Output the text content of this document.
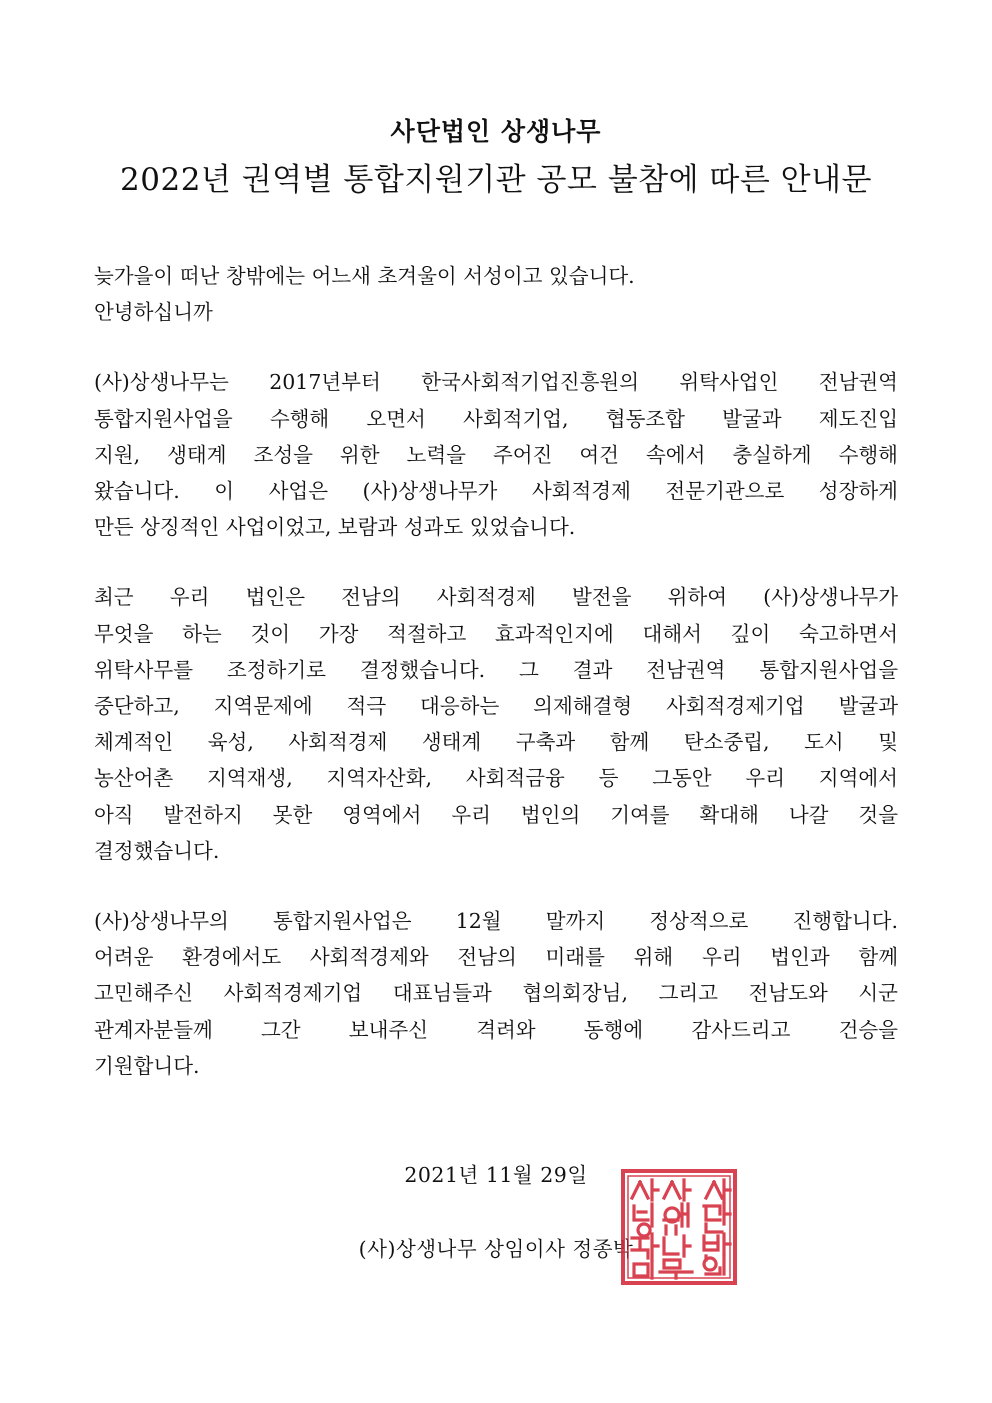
사단법인 상생나무
2022년 권역별 통합지원기관 공모 불참에 따른 안내문
늦가을이 떠난 창밖에는 어느새 초겨울이 서성이고 있습니다.
안녕하십니까
(사)상생나무는 2017년부터 한국사회적기업진흥원의 위탁사업인 전남권역
통합지원사업을 수행해 오면서 사회적기업, 협동조합 발굴과 제도진입
지원, 생태계 조성을 위한 노력을 주어진 여건 속에서 충실하게 수행해
왔습니다. 이 사업은 (사)상생나무가 사회적경제 전문기관으로 성장하게
만든 상징적인 사업이었고, 보람과 성과도 있었습니다.
최근 우리 법인은 전남의 사회적경제 발전을 위하여 (사)상생나무가
무엇을 하는 것이 가장 적절하고 효과적인지에 대해서 깊이 숙고하면서
위탁사무를 조정하기로 결정했습니다. 그 결과 전남권역 통합지원사업을
중단하고, 지역문제에 적극 대응하는 의제해결형 사회적경제기업 발굴과
체계적인 육성, 사회적경제 생태계 구축과 함께 탄소중립, 도시 및
농산어촌 지역재생, 지역자산화, 사회적금융 등 그동안 우리 지역에서
아직 발전하지 못한 영역에서 우리 법인의 기여를 확대해 나갈 것을
결정했습니다.
(사)상생나무의 통합지원사업은 12월 말까지 정상적으로 진행합니다.
어려운 환경에서도 사회적경제와 전남의 미래를 위해 우리 법인과 함께
고민해주신 사회적경제기업 대표님들과 협의회장님, 그리고 전남도와 시군
관계자분들께 그간 보내주신 격려와 동행에 감사드리고 건승을
기원합니다.
2021년 11월 29일
(사)상생나무 상임이사 정종박
